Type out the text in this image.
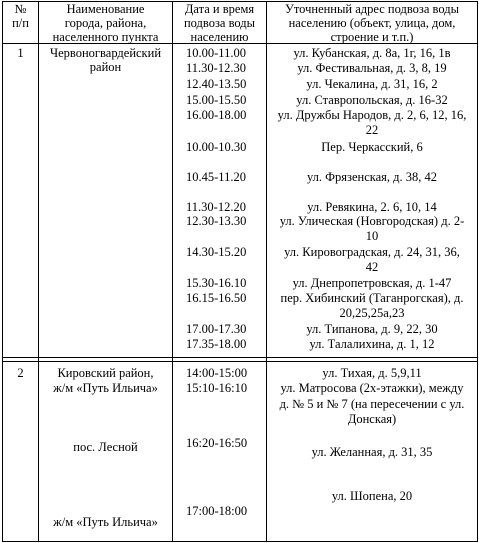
№
п/п
Наименование
города, района,
населенного пункта
Дата и время
подвоза воды
населению
Уточненный адрес подвоза воды
населению (объект, улица, дом,
строение и т.п.)
1	Червоногвардейский
район
10.00-11.00
11.30-12.30
12.40-13.50
15.00-15.50
16.00-18.00
10.00-10.30
10.45-11.20
11.30-12.20
12.30-13.30
14.30-15.20
15.30-16.10
16.15-16.50
17.00-17.30
17.35-18.00
ул. Кубанская, д. 8а, 1г, 16, 1в
ул. Фестивальная, д. 3, 8, 19
ул. Чекалина, д. 31, 16, 2
ул. Ставропольская, д. 16-32
ул. Дружбы Народов, д. 2, 6, 12, 16,
22
Пер. Черкасский, 6
ул. Фрязенская, д. 38, 42
ул. Ревякина, 2. 6, 10, 14
ул. Улическая (Новгородская) д. 2-
10
ул. Кировоградская, д. 24, 31, 36,
42
ул. Днепропетровская, д. 1-47
пер. Хибинский (Таганрогская), д.
20,25,25а,23
ул. Типанова, д. 9, 22, 30
ул. Талалихина, д. 1, 12
2	Кировский район,
ж/м «Путь Ильича»
пос. Лесной
ж/м «Путь Ильича»
14:00-15:00
15:10-16:10
16:20-16:50
17:00-18:00
ул. Тихая, д. 5,9,11
ул. Матросова (2х-этажки), между
д. № 5 и № 7 (на пересечении с ул.
Донская)
ул. Желанная, д. 31, 35
ул. Шопена, 20
